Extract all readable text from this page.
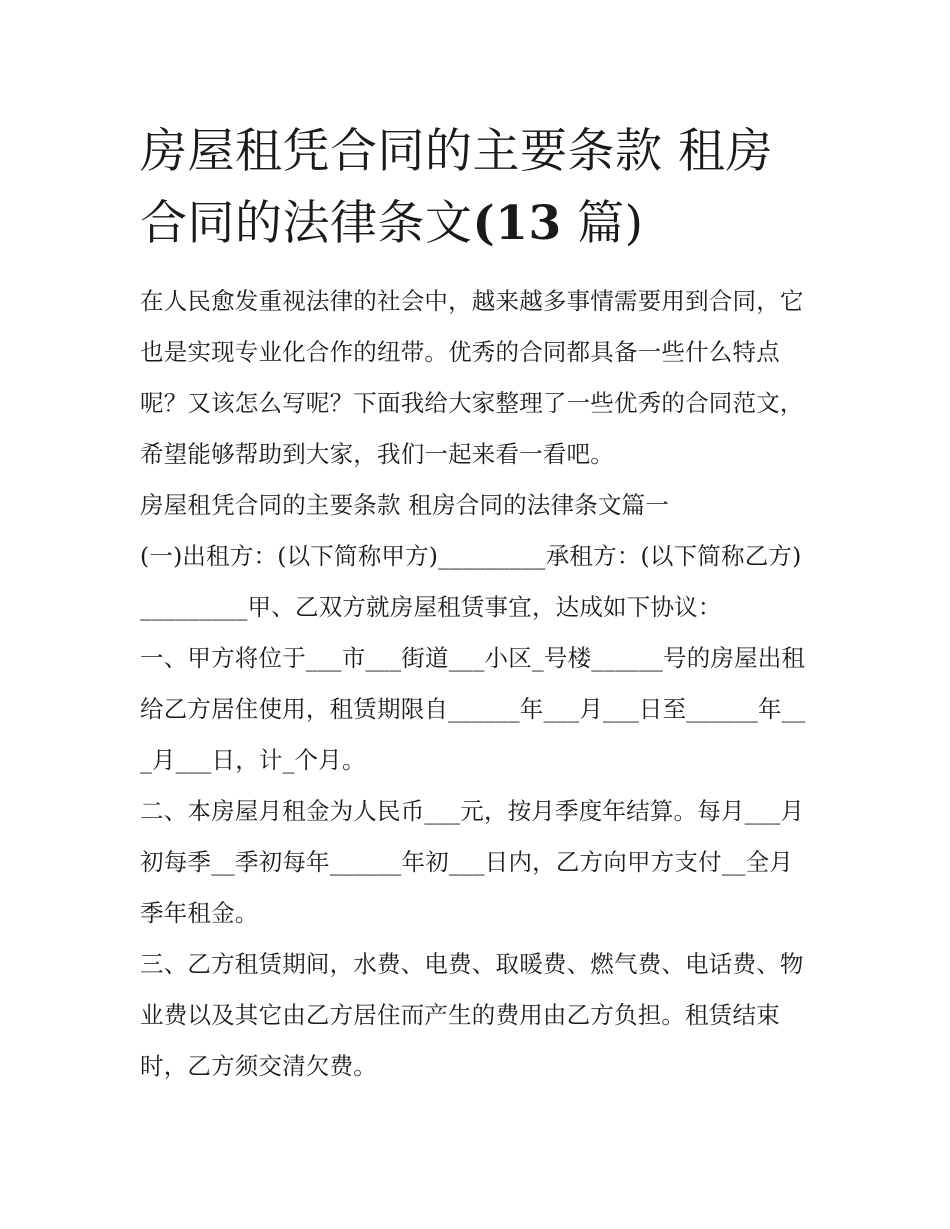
房屋租凭合同的主要条款 租房合同的法律条文(13 篇)

在人民愈发重视法律的社会中，越来越多事情需要用到合同，它也是实现专业化合作的纽带。优秀的合同都具备一些什么特点呢？又该怎么写呢？下面我给大家整理了一些优秀的合同范文，希望能够帮助到大家，我们一起来看一看吧。

房屋租凭合同的主要条款 租房合同的法律条文篇一

(一)出租方：(以下简称甲方)_________承租方：(以下简称乙方)_________甲、乙双方就房屋租赁事宜，达成如下协议：

一、甲方将位于___市___街道___小区_号楼______号的房屋出租给乙方居住使用，租赁期限自______年___月___日至______年___月___日，计_个月。

二、本房屋月租金为人民币___元，按月季度年结算。每月___月初每季__季初每年______年初___日内，乙方向甲方支付__全月季年租金。

三、乙方租赁期间，水费、电费、取暖费、燃气费、电话费、物业费以及其它由乙方居住而产生的费用由乙方负担。租赁结束时，乙方须交清欠费。
